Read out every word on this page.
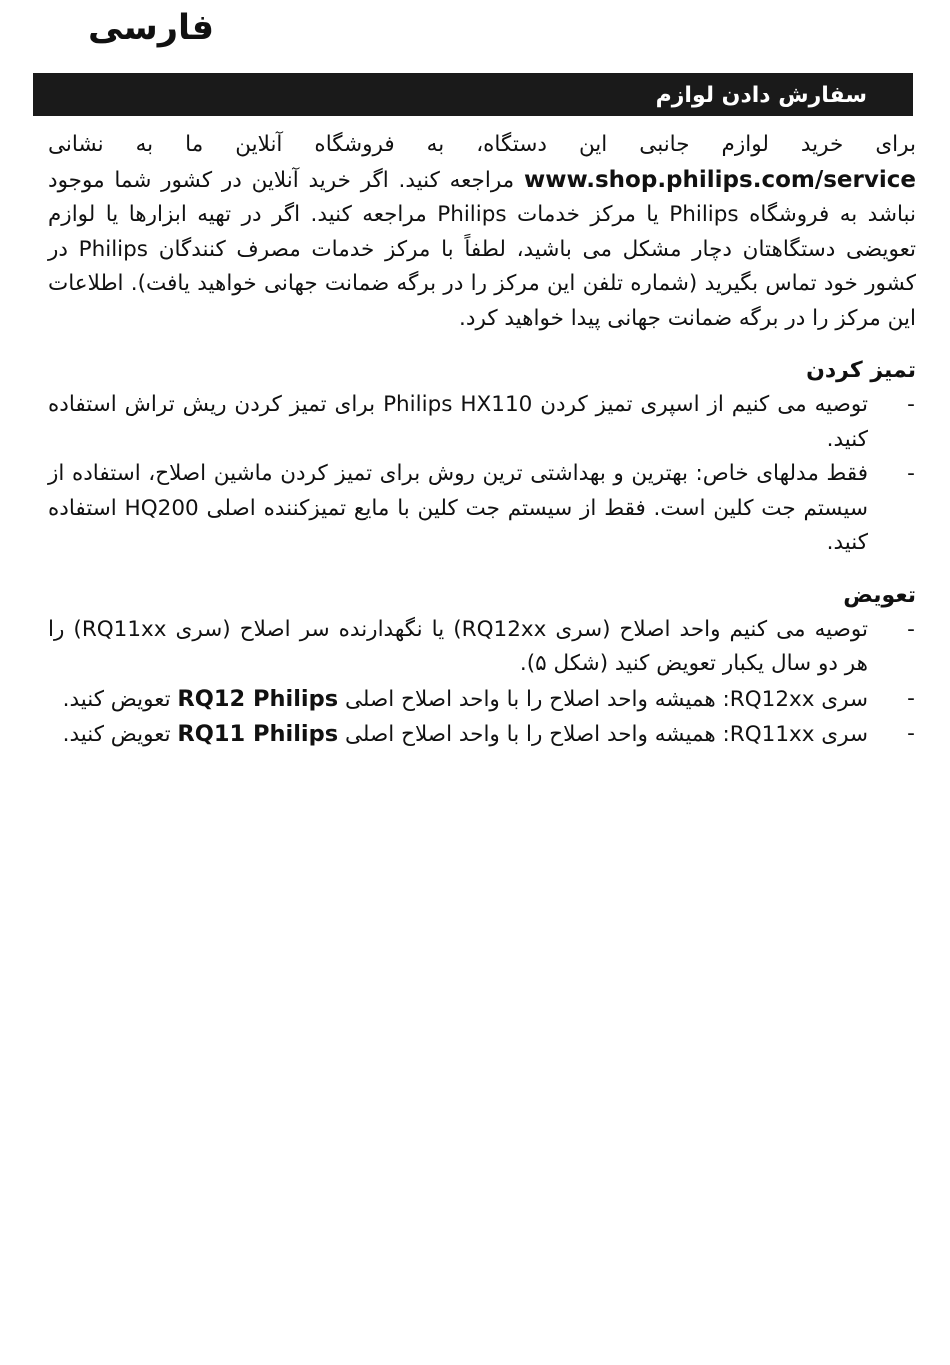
فارسی
سفارش دادن لوازم

برای خرید لوازم جانبی این دستگاه، به فروشگاه آنلاین ما به نشانی www.shop.philips.com/service مراجعه کنید. اگر خرید آنلاین در کشور شما موجود نباشد به فروشگاه Philips یا مرکز خدمات Philips مراجعه کنید. اگر در تهیه ابزارها یا لوازم تعویضی دستگاهتان دچار مشکل می باشید، لطفاً با مرکز خدمات مصرف کنندگان Philips در کشور خود تماس بگیرید (شماره تلفن این مرکز را در برگه ضمانت جهانی خواهید یافت). اطلاعات این مرکز را در برگه ضمانت جهانی پیدا خواهید کرد.

تمیز کردن
-
توصیه می کنیم از اسپری تمیز کردن Philips HX110 برای تمیز کردن ریش تراش استفاده کنید.
-
فقط مدلهای خاص: بهترین و بهداشتی ترین روش برای تمیز کردن ماشین اصلاح، استفاده از سیستم جت کلین است. فقط از سیستم جت کلین با مایع تمیزکننده اصلی HQ200 استفاده کنید.
تعویض
-
توصیه می کنیم واحد اصلاح (سری RQ12xx) یا نگهدارنده سر اصلاح (سری RQ11xx) را هر دو سال یکبار تعویض کنید (شکل ۵).
-
سری RQ12xx: همیشه واحد اصلاح را با واحد اصلاح اصلی RQ12 Philips تعویض کنید.
-
سری RQ11xx: همیشه واحد اصلاح را با واحد اصلاح اصلی RQ11 Philips تعویض کنید.
